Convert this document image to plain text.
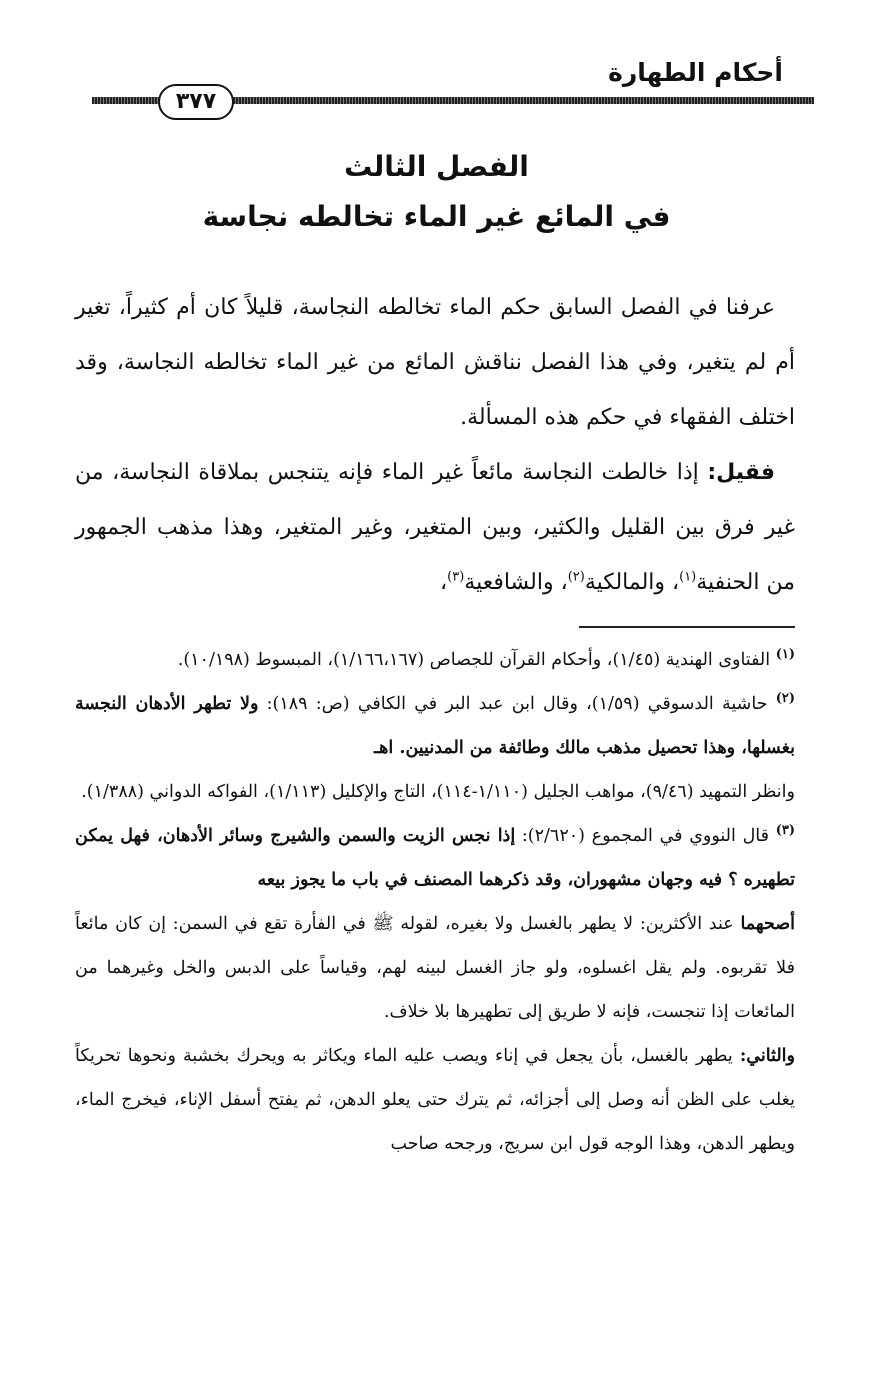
أحكام الطهارة
٣٧٧
الفصل الثالث
في المائع غير الماء تخالطه نجاسة

عرفنا في الفصل السابق حكم الماء تخالطه النجاسة، قليلاً كان أم كثيراً، تغير أم لم يتغير، وفي هذا الفصل نناقش المائع من غير الماء تخالطه النجاسة، وقد اختلف الفقهاء في حكم هذه المسألة.

فقيل: إذا خالطت النجاسة مائعاً غير الماء فإنه يتنجس بملاقاة النجاسة، من غير فرق بين القليل والكثير، وبين المتغير، وغير المتغير، وهذا مذهب الجمهور من الحنفية$^{(١)}$، والمالكية$^{(٢)}$، والشافعية$^{(٣)}$،

$^{(١)}$ الفتاوى الهندية (١/٤٥)، وأحكام القرآن للجصاص (١/١٦٦،١٦٧)، المبسوط (١٠/١٩٨).

$^{(٢)}$ حاشية الدسوقي (١/٥٩)، وقال ابن عبد البر في الكافي (ص: ١٨٩): ولا تطهر الأدهان النجسة بغسلها، وهذا تحصيل مذهب مالك وطائفة من المدنيين. اهـ

وانظر التمهيد (٩/٤٦)، مواهب الجليل (١/١١٠-١١٤)، التاج والإكليل (١/١١٣)، الفواكه الدواني (١/٣٨٨).

$^{(٣)}$ قال النووي في المجموع (٢/٦٢٠): إذا نجس الزيت والسمن والشيرج وسائر الأدهان، فهل يمكن تطهيره ؟ فيه وجهان مشهوران، وقد ذكرهما المصنف في باب ما يجوز بيعه

أصحهما عند الأكثرين: لا يطهر بالغسل ولا بغيره، لقوله ﷺ في الفأرة تقع في السمن: إن كان مائعاً فلا تقربوه. ولم يقل اغسلوه، ولو جاز الغسل لبينه لهم، وقياساً على الدبس والخل وغيرهما من المائعات إذا تنجست، فإنه لا طريق إلى تطهيرها بلا خلاف.

والثاني: يطهر بالغسل، بأن يجعل في إناء ويصب عليه الماء ويكاثر به ويحرك بخشبة ونحوها تحريكاً يغلب على الظن أنه وصل إلى أجزائه، ثم يترك حتى يعلو الدهن، ثم يفتح أسفل الإناء، فيخرج الماء، ويطهر الدهن، وهذا الوجه قول ابن سريج، ورجحه صاحب
